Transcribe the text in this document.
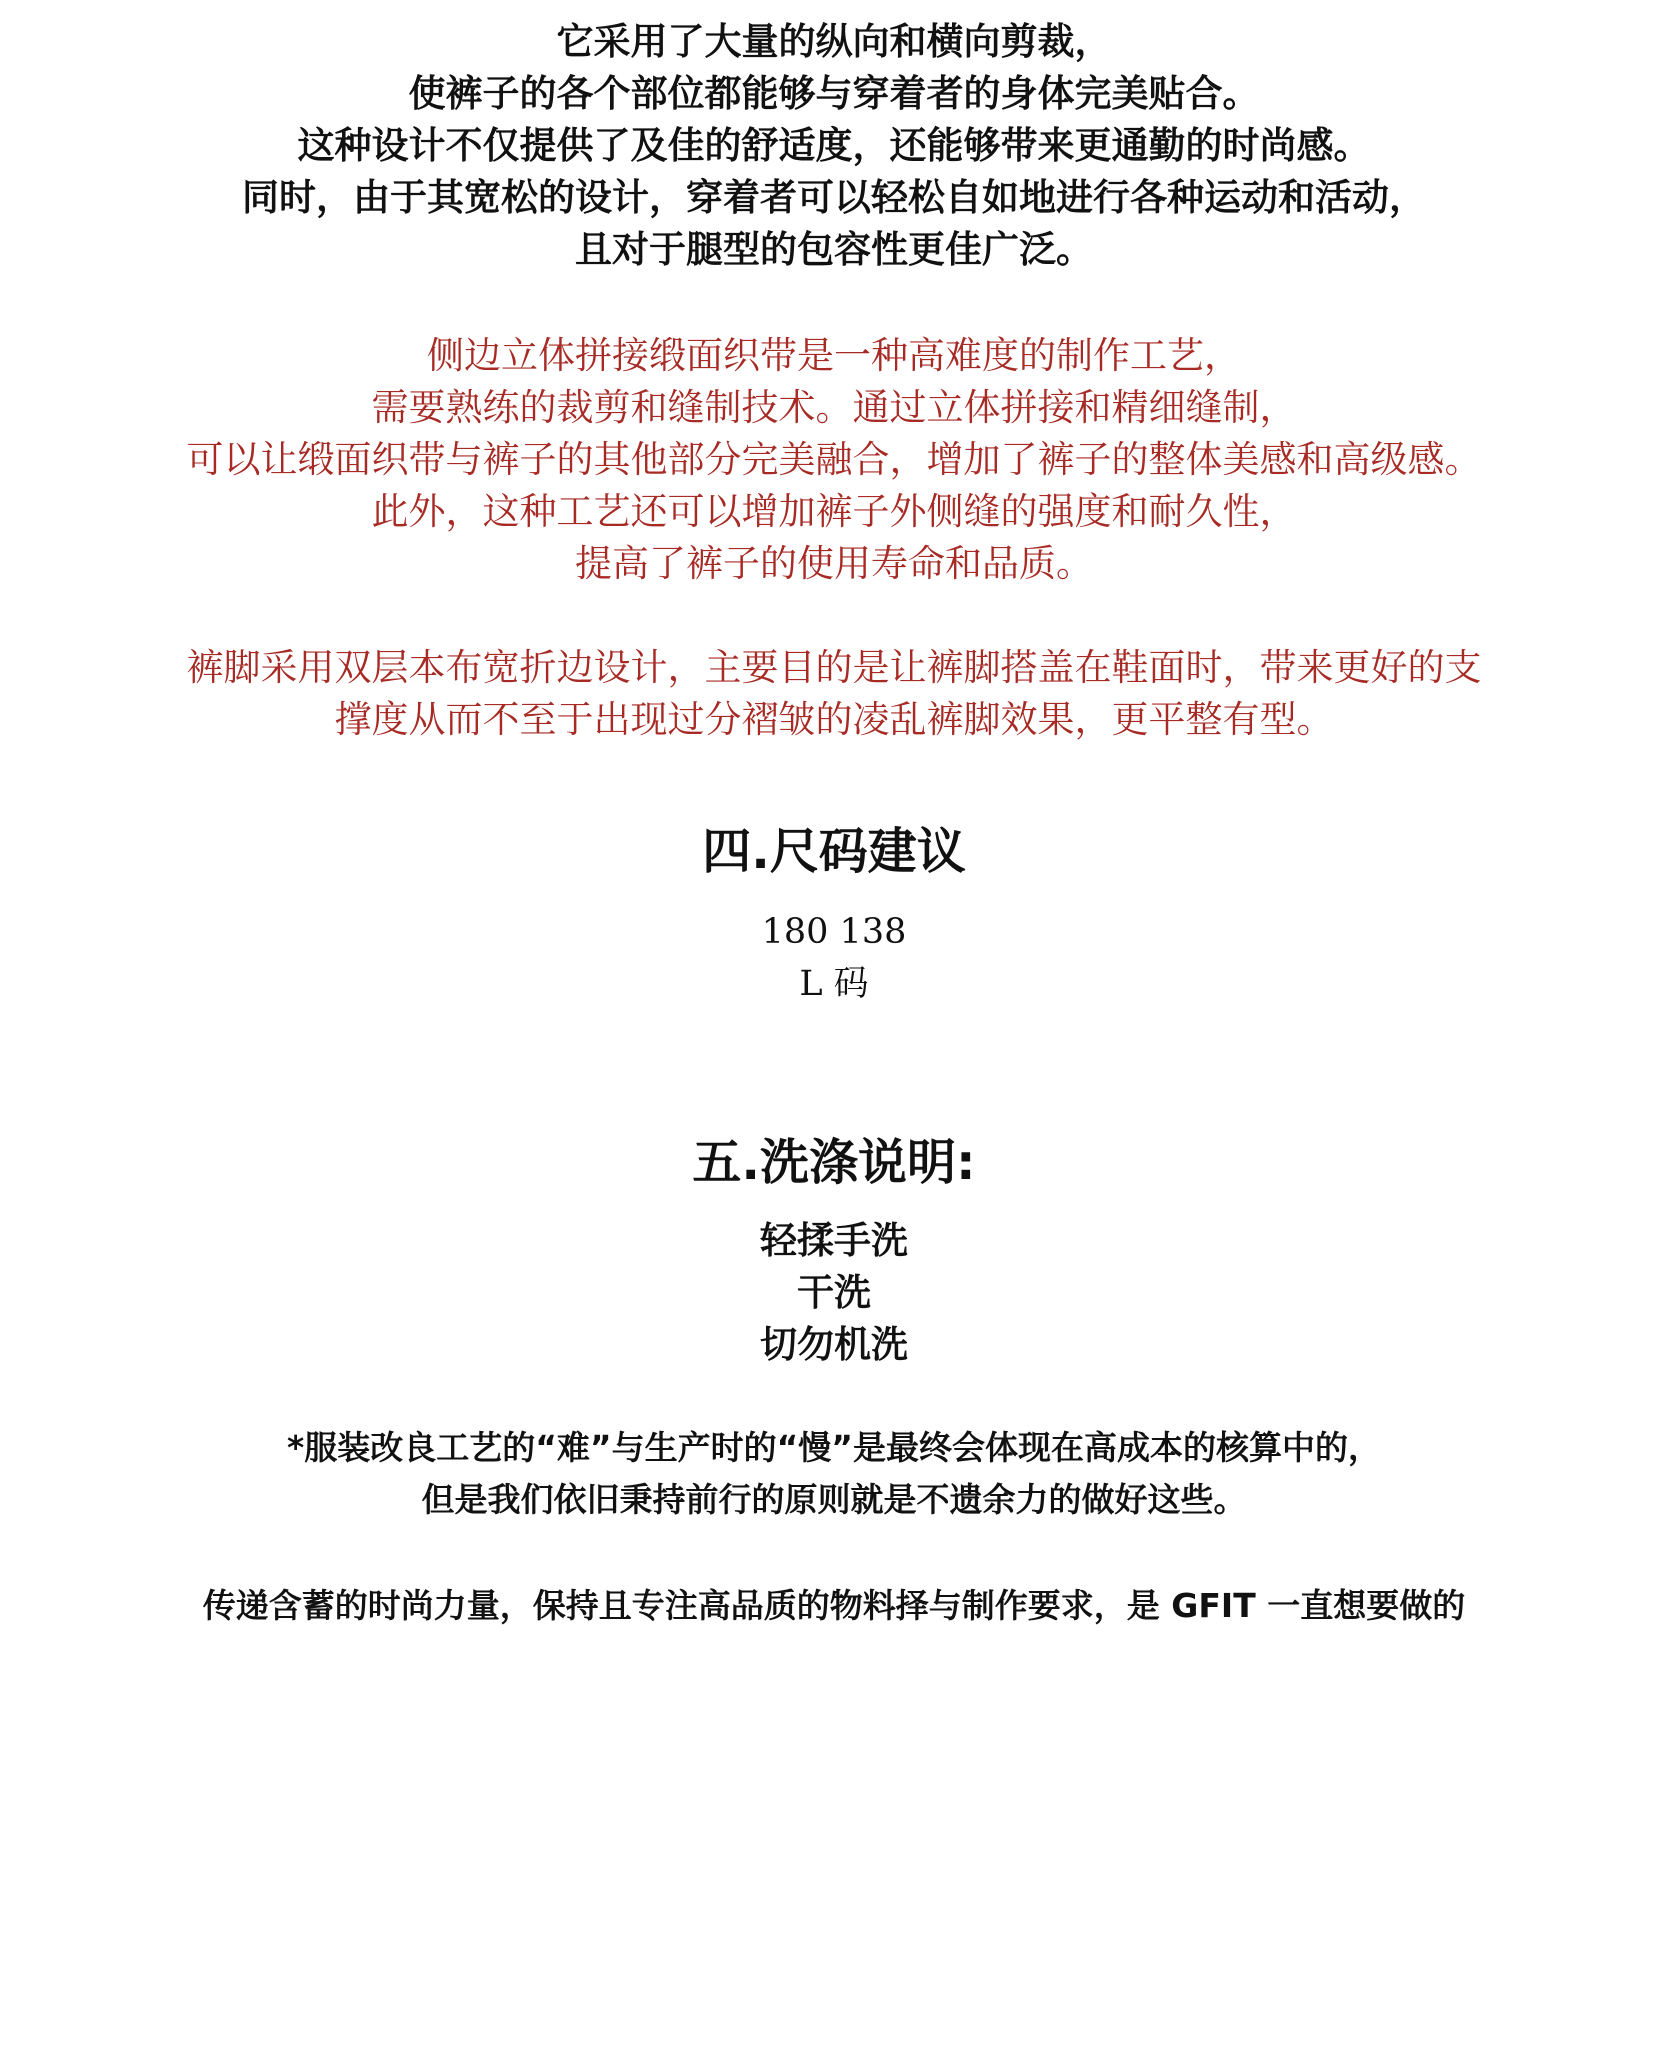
它采用了大量的纵向和横向剪裁，
使裤子的各个部位都能够与穿着者的身体完美贴合。
这种设计不仅提供了及佳的舒适度，还能够带来更通勤的时尚感。
同时，由于其宽松的设计，穿着者可以轻松自如地进行各种运动和活动，
且对于腿型的包容性更佳广泛。
侧边立体拼接缎面织带是一种高难度的制作工艺，
需要熟练的裁剪和缝制技术。通过立体拼接和精细缝制，
可以让缎面织带与裤子的其他部分完美融合，增加了裤子的整体美感和高级感。
此外，这种工艺还可以增加裤子外侧缝的强度和耐久性，
提高了裤子的使用寿命和品质。
裤脚采用双层本布宽折边设计，主要目的是让裤脚搭盖在鞋面时，带来更好的支
撑度从而不至于出现过分褶皱的凌乱裤脚效果，更平整有型。
四.尺码建议
180 138
L 码
五.洗涤说明:
轻揉手洗
干洗
切勿机洗
*服装改良工艺的“难”与生产时的“慢”是最终会体现在高成本的核算中的，
但是我们依旧秉持前行的原则就是不遗余力的做好这些。
传递含蓄的时尚力量，保持且专注高品质的物料择与制作要求，是 GFIT 一直想要做的
